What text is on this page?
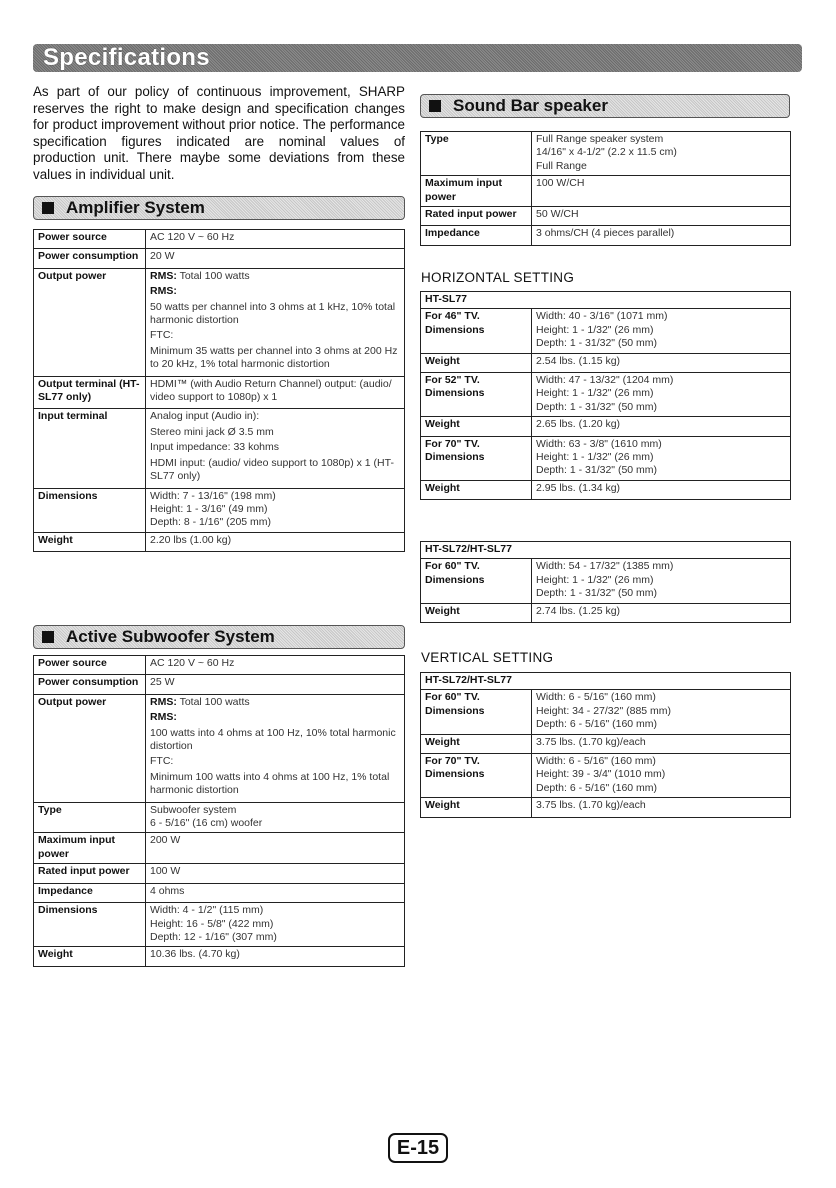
Specifications
As part of our policy of continuous improvement, SHARP reserves the right to make design and specification changes for product improvement without prior notice. The performance specification figures indicated are nominal values of production unit. There maybe some deviations from these values in individual unit.
Amplifier System
Power source	AC 120 V ~ 60 Hz

Power consumption	20 W

Output power	RMS: Total 100 watts
RMS:
50 watts per channel into 3 ohms at 1 kHz, 10% total harmonic distortion
FTC:
Minimum 35 watts per channel into 3 ohms at 200 Hz to 20 kHz, 1% total harmonic distortion

Output terminal (HT-SL77 only)	HDMI™ (with Audio Return Channel) output: (audio/ video support to 1080p) x 1

Input terminal	Analog input (Audio in):
Stereo mini jack Ø 3.5 mm
Input impedance: 33 kohms
HDMI input: (audio/ video support to 1080p) x 1 (HT-SL77 only)

Dimensions	Width: 7 - 13/16" (198 mm)
Height: 1 - 3/16" (49 mm)
Depth: 8 - 1/16" (205 mm)

Weight	2.20 lbs (1.00 kg)
Active Subwoofer System
Power source	AC 120 V ~ 60 Hz

Power consumption	25 W

Output power	RMS: Total 100 watts
RMS:
100 watts into 4 ohms at 100 Hz, 10% total harmonic distortion
FTC:
Minimum 100 watts into 4 ohms at 100 Hz, 1% total harmonic distortion

Type	Subwoofer system
6 - 5/16" (16 cm) woofer

Maximum input power	200 W

Rated input power	100 W

Impedance	4 ohms

Dimensions	Width: 4 - 1/2" (115 mm)
Height: 16 - 5/8" (422 mm)
Depth: 12 - 1/16" (307 mm)

Weight	10.36 lbs. (4.70 kg)
Sound Bar speaker
Type	Full Range speaker system
14/16" x 4-1/2" (2.2 x 11.5 cm)
Full Range

Maximum input power	100 W/CH

Rated input power	50 W/CH

Impedance	3 ohms/CH (4 pieces parallel)
HORIZONTAL SETTING
HT-SL77	
For 46" TV. Dimensions	Width: 40 - 3/16" (1071 mm)
Height: 1 - 1/32" (26 mm)
Depth: 1 - 31/32" (50 mm)

Weight	2.54 lbs. (1.15 kg)

For 52" TV. Dimensions	Width: 47 - 13/32" (1204 mm)
Height: 1 - 1/32" (26 mm)
Depth: 1 - 31/32" (50 mm)

Weight	2.65 lbs. (1.20 kg)

For 70" TV. Dimensions	Width: 63 - 3/8" (1610 mm)
Height: 1 - 1/32" (26 mm)
Depth: 1 - 31/32" (50 mm)

Weight	2.95 lbs. (1.34 kg)
HT-SL72/HT-SL77	
For 60" TV. Dimensions	Width: 54 - 17/32" (1385 mm)
Height: 1 - 1/32" (26 mm)
Depth: 1 - 31/32" (50 mm)

Weight	2.74 lbs. (1.25 kg)
VERTICAL SETTING
HT-SL72/HT-SL77	
For 60" TV. Dimensions	Width: 6 - 5/16" (160 mm)
Height: 34 - 27/32" (885 mm)
Depth: 6 - 5/16" (160 mm)

Weight	3.75 lbs. (1.70 kg)/each

For 70" TV. Dimensions	Width: 6 - 5/16" (160 mm)
Height: 39 - 3/4" (1010 mm)
Depth: 6 - 5/16" (160 mm)

Weight	3.75 lbs. (1.70 kg)/each
E-15
